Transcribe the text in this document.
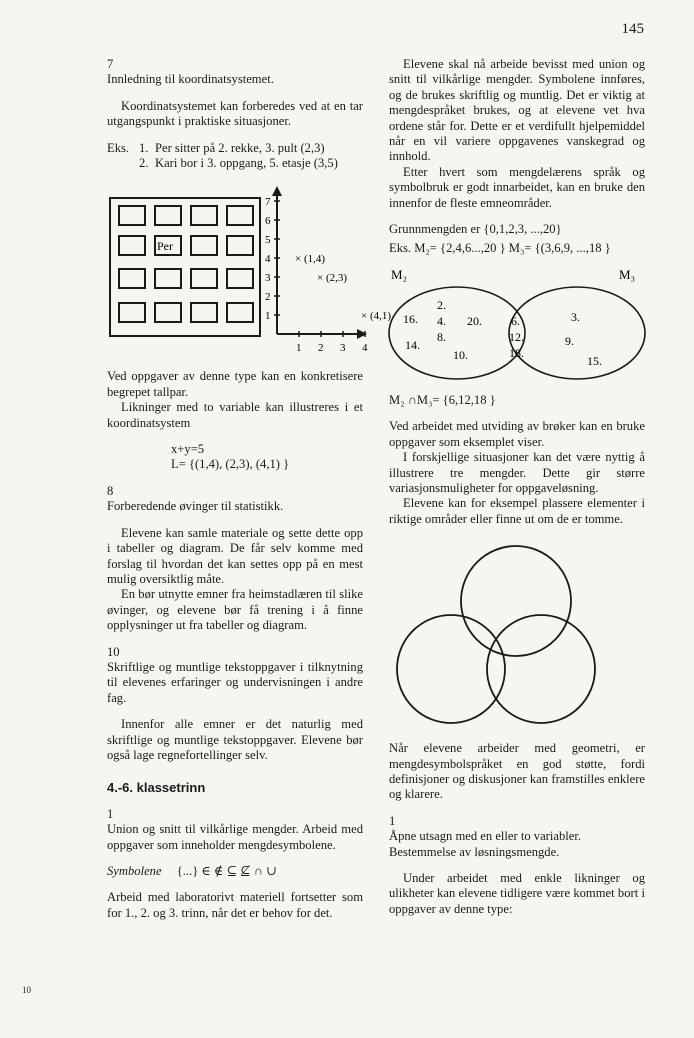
145

7

Innledning til koordinatsystemet.

Koordinatsystemet kan forberedes ved at en tar utgangspunkt i praktiske situasjoner.

Eks. 1. Per sitter på 2. rekke, 3. pult (2,3)
2. Kari bor i 3. oppgang, 5. etasje (3,5)
Per
7
6
5
4
3
2
1
1 2 3 4
× (1,4)
× (2,3)
× (4,1)

Ved oppgaver av denne type kan en konkretisere begrepet tallpar.

Likninger med to variable kan illustreres i et koordinatsystem

x+y=5

L= {(1,4), (2,3), (4,1) }

8

Forberedende øvinger til statistikk.

Elevene kan samle materiale og sette dette opp i tabeller og diagram. De får selv komme med forslag til hvordan det kan settes opp på en mest mulig oversiktlig måte.

En bør utnytte emner fra heimstadlæren til slike øvinger, og elevene bør få trening i å finne opplysninger ut fra tabeller og diagram.

10

Skriftlige og muntlige tekstoppgaver i tilknytning til elevenes erfaringer og undervisningen i andre fag.

Innenfor alle emner er det naturlig med skriftlige og muntlige tekstoppgaver. Elevene bør også lage regnefortellinger selv.

4.-6. klassetrinn

1

Union og snitt til vilkårlige mengder. Arbeid med oppgaver som inneholder mengdesymbolene.

Symbolene {...} ∈ ∉ ⊆ ⊈ ∩ ∪

Arbeid med laboratorivt materiell fortsetter som for 1., 2. og 3. trinn, når det er behov for det.

Elevene skal nå arbeide bevisst med union og snitt til vilkårlige mengder. Symbolene innføres, og de brukes skriftlig og muntlig. Det er viktig at mengdespråket brukes, og at elevene vet hva ordene står for. Dette er et verdifullt hjelpemiddel når en vil variere oppgavenes vanskegrad og innhold.

Etter hvert som mengdelærens språk og symbolbruk er godt innarbeidet, kan en bruke den innenfor de fleste emneområder.

Grunnmengden er {0,1,2,3, ...,20}

Eks. M₂= {2,4,6...,20 } M₃= {(3,6,9, ...,18 }

M₂	M₃
2.
4.
16.	20.
8.
14.
10.
6.
12.
18.
3.
9.
15.

M₂ ∩M₃= {6,12,18 }

Ved arbeidet med utviding av brøker kan en bruke oppgaver som eksemplet viser.

I forskjellige situasjoner kan det være nyttig å illustrere tre mengder. Dette gir større variasjonsmuligheter for oppgaveløsning.

Elevene kan for eksempel plassere elementer i riktige områder eller finne ut om de er tomme.

Når elevene arbeider med geometri, er mengdesymbolspråket en god støtte, fordi definisjoner og diskusjoner kan framstilles enklere og klarere.

1

Åpne utsagn med en eller to variabler. Bestemmelse av løsningsmengde.

Under arbeidet med enkle likninger og ulikheter kan elevene tidligere være kommet bort i oppgaver av denne type:

10
